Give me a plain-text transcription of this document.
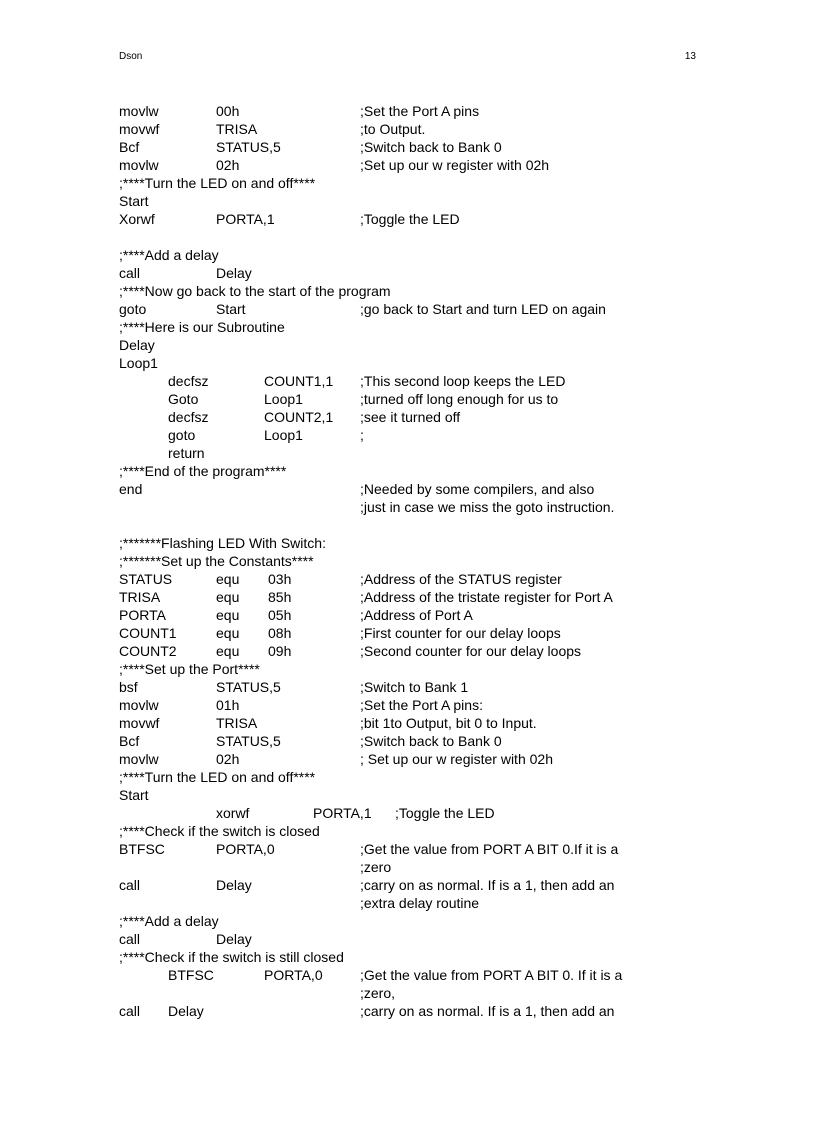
Dson	13
movlw	00h	;Set the Port A pins
movwf	TRISA	;to Output.
Bcf	STATUS,5	;Switch back to Bank 0
movlw	02h	;Set up our w register with 02h
;****Turn the LED on and off****
Start
Xorwf	PORTA,1	;Toggle the LED
;****Add a delay
call	Delay
;****Now go back to the start of the program
goto	Start	;go back to Start and turn LED on again
;****Here is our Subroutine
Delay
Loop1
decfsz	COUNT1,1 ;This second loop keeps the LED
Goto	Loop1	;turned off long enough for us to
decfsz	COUNT2,1 ;see it turned off
goto	Loop1	;
return
;****End of the program****
end	;Needed by some compilers, and also
;just in case we miss the goto instruction.
;*******Flashing LED With Switch:
;*******Set up the Constants****
STATUS	equ 03h	;Address of the STATUS register
TRISA	equ 85h	;Address of the tristate register for Port A
PORTA	equ 05h	;Address of Port A
COUNT1	equ 08h	;First counter for our delay loops
COUNT2	equ 09h	;Second counter for our delay loops
;****Set up the Port****
bsf	STATUS,5	;Switch to Bank 1
movlw	01h	;Set the Port A pins:
movwf	TRISA	;bit 1to Output, bit 0 to Input.
Bcf	STATUS,5	;Switch back to Bank 0
movlw	02h	; Set up our w register with 02h
;****Turn the LED on and off****
Start
xorwf	PORTA,1 ;Toggle the LED
;****Check if the switch is closed
BTFSC	PORTA,0	;Get the value from PORT A BIT 0.If it is a
;zero
call	Delay	;carry on as normal. If is a 1, then add an
;extra delay routine
;****Add a delay
call	Delay
;****Check if the switch is still closed
BTFSC	PORTA,0	;Get the value from PORT A BIT 0. If it is a
;zero,
call Delay	;carry on as normal. If is a 1, then add an
